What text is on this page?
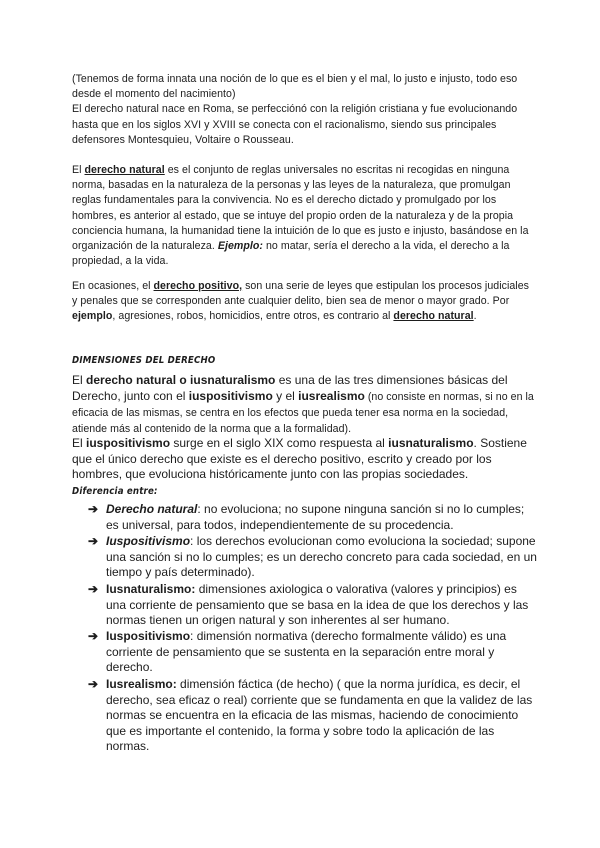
(Tenemos de forma innata una noción de lo que es el bien y el mal, lo justo e injusto, todo eso desde el momento del nacimiento)

El derecho natural nace en Roma, se perfecciónó con la religión cristiana y fue evolucionando hasta que en los siglos XVI y XVIII se conecta con el racionalismo, siendo sus principales defensores Montesquieu, Voltaire o Rousseau.

El derecho natural es el conjunto de reglas universales no escritas ni recogidas en ninguna norma, basadas en la naturaleza de la personas y las leyes de la naturaleza, que promulgan reglas fundamentales para la convivencia. No es el derecho dictado y promulgado por los hombres, es anterior al estado, que se intuye del propio orden de la naturaleza y de la propia conciencia humana, la humanidad tiene la intuición de lo que es justo e injusto, basándose en la organización de la naturaleza. Ejemplo: no matar, sería el derecho a la vida, el derecho a la propiedad, a la vida.

En ocasiones, el derecho positivo, son una serie de leyes que estipulan los procesos judiciales y penales que se corresponden ante cualquier delito, bien sea de menor o mayor grado. Por ejemplo, agresiones, robos, homicidios, entre otros, es contrario al derecho natural.

DIMENSIONES DEL DERECHO

El derecho natural o iusnaturalismo es una de las tres dimensiones básicas del Derecho, junto con el iuspositivismo y el iusrealismo (no consiste en normas, si no en la eficacia de las mismas, se centra en los efectos que pueda tener esa norma en la sociedad, atiende más al contenido de la norma que a la formalidad).

El iuspositivismo surge en el siglo XIX como respuesta al iusnaturalismo. Sostiene que el único derecho que existe es el derecho positivo, escrito y creado por los hombres, que evoluciona históricamente junto con las propias sociedades.

Diferencia entre:
➔ Derecho natural: no evoluciona; no supone ninguna sanción si no lo cumples; es universal, para todos, independientemente de su procedencia.

➔ Iuspositivismo: los derechos evolucionan como evoluciona la sociedad; supone una sanción si no lo cumples; es un derecho concreto para cada sociedad, en un tiempo y país determinado).

➔ Iusnaturalismo: dimensiones axiologica o valorativa (valores y principios) es una corriente de pensamiento que se basa en la idea de que los derechos y las normas tienen un origen natural y son inherentes al ser humano.

➔ Iuspositivismo: dimensión normativa (derecho formalmente válido) es una corriente de pensamiento que se sustenta en la separación entre moral y derecho.

➔ Iusrealismo: dimensión fáctica (de hecho) ( que la norma jurídica, es decir, el derecho, sea eficaz o real) corriente que se fundamenta en que la validez de las normas se encuentra en la eficacia de las mismas, haciendo de conocimiento que es importante el contenido, la forma y sobre todo la aplicación de las normas.
